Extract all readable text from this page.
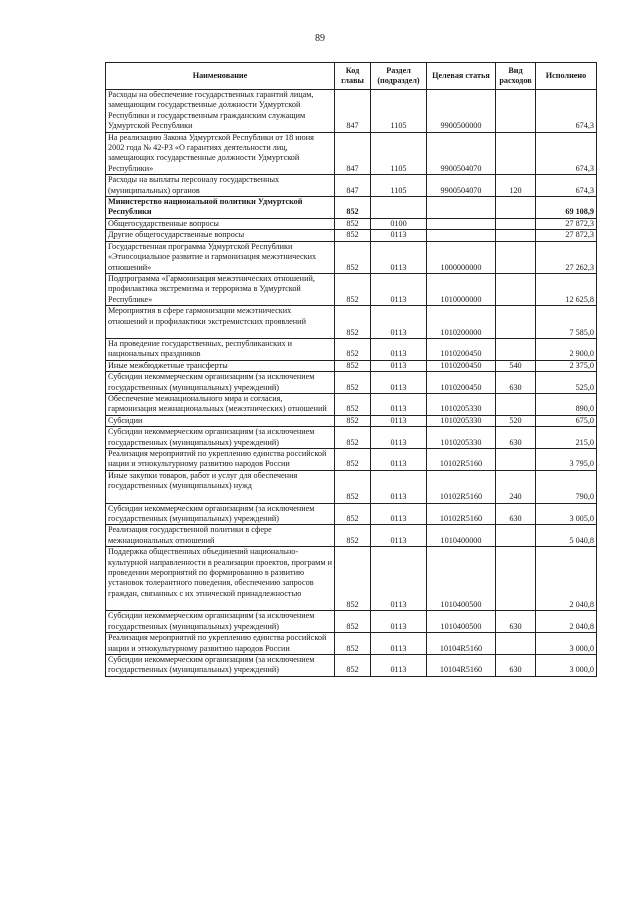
89
Наименование	Код главы	Раздел (подраздел)	Целевая статья	Вид расходов	Исполнено
Расходы на обеспечение государственных гарантий лицам, замещающим государственные должности Удмуртской Республики и государственным гражданским служащим Удмуртской Республики	847	1105	9900500000		674,3
На реализацию Закона Удмуртской Республики от 18 июня 2002 года № 42-РЗ «О гарантиях деятельности лиц, замещающих государственные должности Удмуртской Республики»	847	1105	9900504070		674,3
Расходы на выплаты персоналу государственных (муниципальных) органов	847	1105	9900504070	120	674,3
Министерство национальной политики Удмуртской Республики	852				69 108,9
Общегосударственные вопросы	852	0100			27 872,3
Другие общегосударственные вопросы	852	0113			27 872,3
Государственная программа Удмуртской Республики «Этносоциальное развитие и гармонизация межэтнических отношений»	852	0113	1000000000		27 262,3
Подпрограмма «Гармонизация межэтнических отношений, профилактика экстремизма и терроризма в Удмуртской Республике»	852	0113	1010000000		12 625,8
Мероприятия в сфере гармонизации межэтнических отношений и профилактики экстремистских проявлений	852	0113	1010200000		7 585,0
На проведение государственных, республиканских и национальных праздников	852	0113	1010200450		2 900,0
Иные межбюджетные трансферты	852	0113	1010200450	540	2 375,0
Субсидии некоммерческим организациям (за исключением государственных (муниципальных) учреждений)	852	0113	1010200450	630	525,0
Обеспечение межнационального мира и согласия, гармонизация межнациональных (межэтнических) отношений	852	0113	1010205330		890,0
Субсидии	852	0113	1010205330	520	675,0
Субсидии некоммерческим организациям (за исключением государственных (муниципальных) учреждений)	852	0113	1010205330	630	215,0
Реализация мероприятий по укреплению единства российской нации и этнокультурному развитию народов России	852	0113	10102R5160		3 795,0
Иные закупки товаров, работ и услуг для обеспечения государственных (муниципальных) нужд	852	0113	10102R5160	240	790,0
Субсидии некоммерческим организациям (за исключением государственных (муниципальных) учреждений)	852	0113	10102R5160	630	3 005,0
Реализация государственной политики в сфере межнациональных отношений	852	0113	1010400000		5 040,8
Поддержка общественных объединений национально-культурной направленности в реализации проектов, программ и проведении мероприятий по формированию в развитию установок толерантного поведения, обеспечению запросов граждан, связанных с их этнической принадлежностью	852	0113	1010400500		2 040,8
Субсидии некоммерческим организациям (за исключением государственных (муниципальных) учреждений)	852	0113	1010400500	630	2 040,8
Реализация мероприятий по укреплению единства российской нации и этнокультурному развитию народов России	852	0113	10104R5160		3 000,0
Субсидии некоммерческим организациям (за исключением государственных (муниципальных) учреждений)	852	0113	10104R5160	630	3 000,0
